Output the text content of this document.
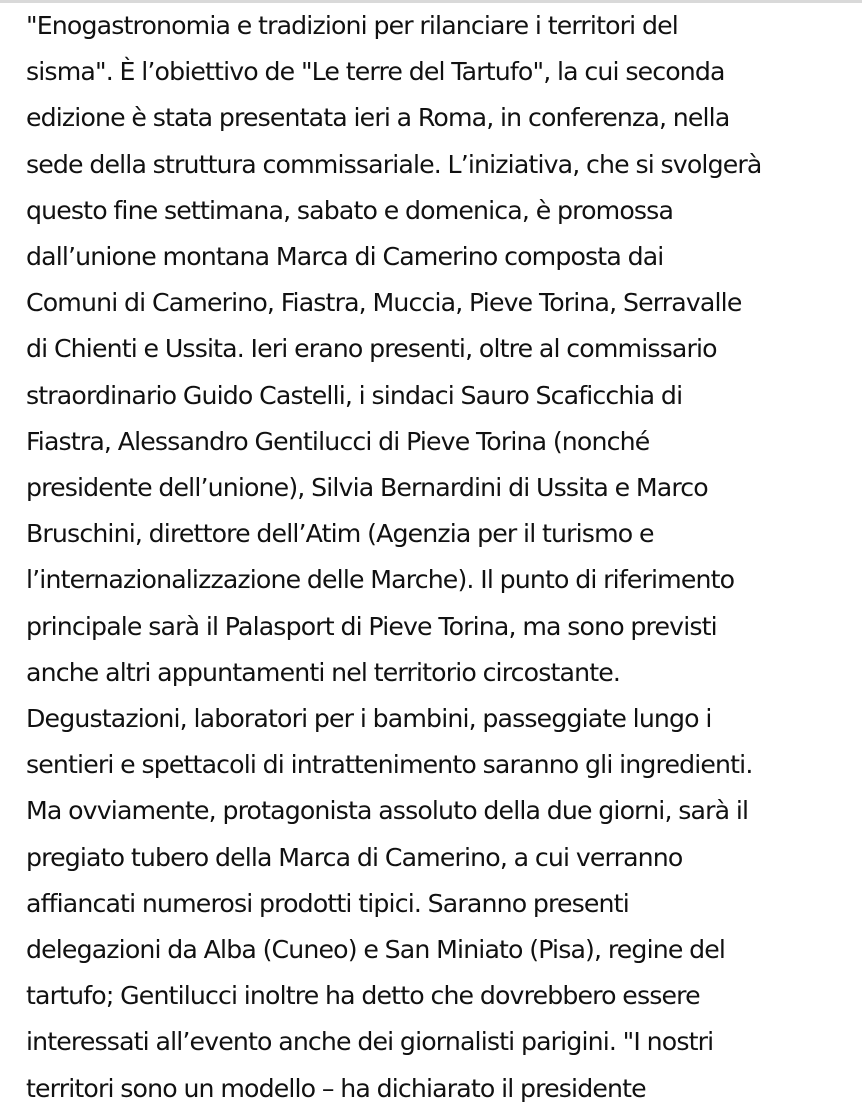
"Enogastronomia e tradizioni per rilanciare i territori del
sisma". È l’obiettivo de "Le terre del Tartufo", la cui seconda
edizione è stata presentata ieri a Roma, in conferenza, nella
sede della struttura commissariale. L’iniziativa, che si svolgerà
questo fine settimana, sabato e domenica, è promossa
dall’unione montana Marca di Camerino composta dai
Comuni di Camerino, Fiastra, Muccia, Pieve Torina, Serravalle
di Chienti e Ussita. Ieri erano presenti, oltre al commissario
straordinario Guido Castelli, i sindaci Sauro Scaficchia di
Fiastra, Alessandro Gentilucci di Pieve Torina (nonché
presidente dell’unione), Silvia Bernardini di Ussita e Marco
Bruschini, direttore dell’Atim (Agenzia per il turismo e
l’internazionalizzazione delle Marche). Il punto di riferimento
principale sarà il Palasport di Pieve Torina, ma sono previsti
anche altri appuntamenti nel territorio circostante.
Degustazioni, laboratori per i bambini, passeggiate lungo i
sentieri e spettacoli di intrattenimento saranno gli ingredienti.
Ma ovviamente, protagonista assoluto della due giorni, sarà il
pregiato tubero della Marca di Camerino, a cui verranno
affiancati numerosi prodotti tipici. Saranno presenti
delegazioni da Alba (Cuneo) e San Miniato (Pisa), regine del
tartufo; Gentilucci inoltre ha detto che dovrebbero essere
interessati all’evento anche dei giornalisti parigini. "I nostri
territori sono un modello – ha dichiarato il presidente
